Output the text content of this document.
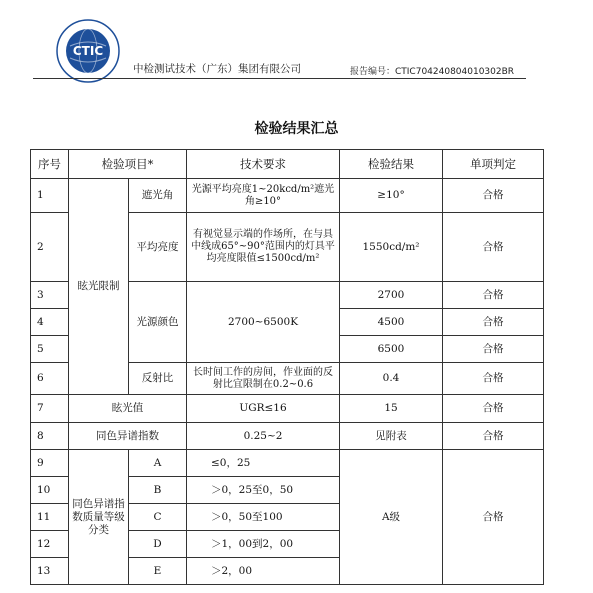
CTIC
中检测试技术（广东）集团有限公司	报告编号：CTIC704240804010302BR
检验结果汇总
序号	检验项目*		技术要求	检验结果	单项判定
1	眩光限制	遮光角	光源平均亮度1~20kcd/m²遮光角≥10°	≥10°	合格
2		平均亮度	有视觉显示端的作场所，在与具中线成65°~90°范围内的灯具平均亮度限值≤1500cd/m²	1550cd/m²	合格
3		光源颜色	2700~6500K	2700	合格
4				4500	合格
5				6500	合格
6		反射比	长时间工作的房间，作业面的反射比宜限制在0.2~0.6	0.4	合格
7	眩光值		UGR≤16	15	合格
8	同色异谱指数		0.25~2	见附表	合格
9	同色异谱指数质量等级分类	A	≤0，25	A级	合格
10		B	＞0，25至0，50		
11		C	＞0，50至100		
12		D	＞1，00到2，00		
13		E	＞2，00		
